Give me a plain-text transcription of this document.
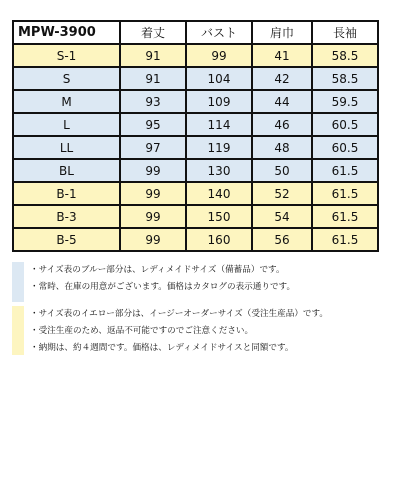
MPW-3900	着丈	バスト	肩巾	長袖
S-1	91	99	41	58.5
S	91	104	42	58.5
M	93	109	44	59.5
L	95	114	46	60.5
LL	97	119	48	60.5
BL	99	130	50	61.5
B-1	99	140	52	61.5
B-3	99	150	54	61.5
B-5	99	160	56	61.5
・サイズ表のブルー部分は、レディメイドサイズ（備蓄品）です。
・常時、在庫の用意がございます。価格はカタログの表示通りです。
・サイズ表のイエロー部分は、イージーオーダーサイズ（受注生産品）です。
・受注生産のため、返品不可能ですのでご注意ください。
・納期は、約４週間です。価格は、レディメイドサイスと同額です。
